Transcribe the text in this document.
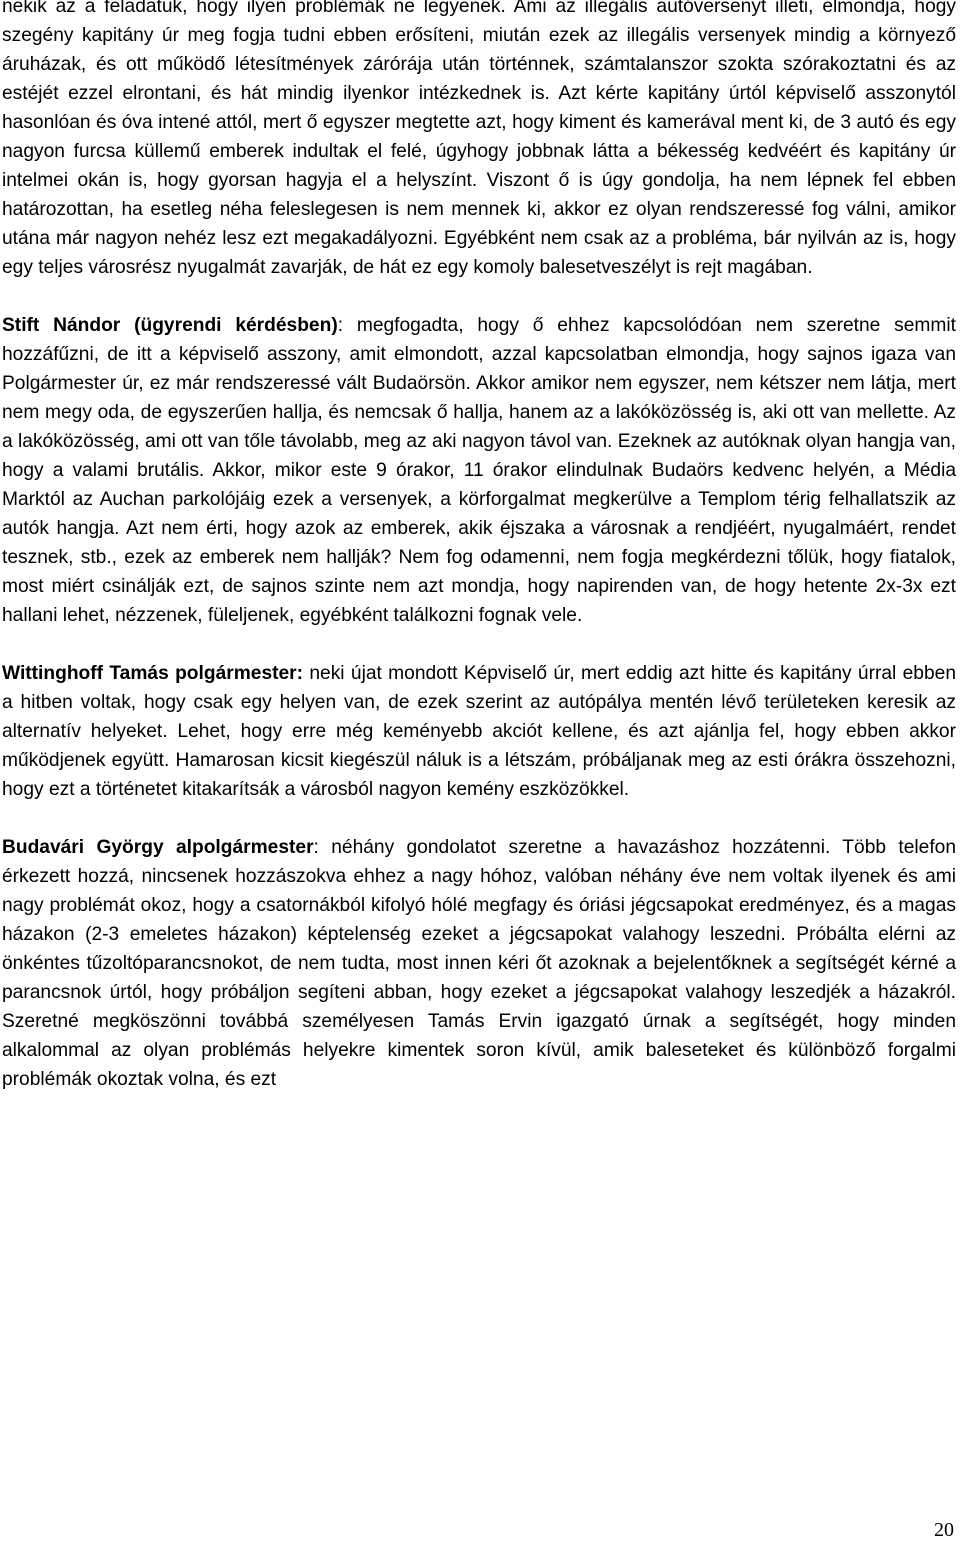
nekik az a feladatuk, hogy ilyen problémák ne legyenek. Ami az illegális autóversenyt illeti, elmondja, hogy szegény kapitány úr meg fogja tudni ebben erősíteni, miután ezek az illegális versenyek mindig a környező áruházak, és ott működő létesítmények zárórája után történnek, számtalanszor szokta szórakoztatni és az estéjét ezzel elrontani, és hát mindig ilyenkor intézkednek is. Azt kérte kapitány úrtól képviselő asszonytól hasonlóan és óva intené attól, mert ő egyszer megtette azt, hogy kiment és kamerával ment ki, de 3 autó és egy nagyon furcsa küllemű emberek indultak el felé, úgyhogy jobbnak látta a békesség kedvéért és kapitány úr intelmei okán is, hogy gyorsan hagyja el a helyszínt. Viszont ő is úgy gondolja, ha nem lépnek fel ebben határozottan, ha esetleg néha feleslegesen is nem mennek ki, akkor ez olyan rendszeressé fog válni, amikor utána már nagyon nehéz lesz ezt megakadályozni. Egyébként nem csak az a probléma, bár nyilván az is, hogy egy teljes városrész nyugalmát zavarják, de hát ez egy komoly balesetveszélyt is rejt magában.

Stift Nándor (ügyrendi kérdésben): megfogadta, hogy ő ehhez kapcsolódóan nem szeretne semmit hozzáfűzni, de itt a képviselő asszony, amit elmondott, azzal kapcsolatban elmondja, hogy sajnos igaza van Polgármester úr, ez már rendszeressé vált Budaörsön. Akkor amikor nem egyszer, nem kétszer nem látja, mert nem megy oda, de egyszerűen hallja, és nemcsak ő hallja, hanem az a lakóközösség is, aki ott van mellette. Az a lakóközösség, ami ott van tőle távolabb, meg az aki nagyon távol van. Ezeknek az autóknak olyan hangja van, hogy a valami brutális. Akkor, mikor este 9 órakor, 11 órakor elindulnak Budaörs kedvenc helyén, a Média Marktól az Auchan parkolójáig ezek a versenyek, a körforgalmat megkerülve a Templom térig felhallatszik az autók hangja. Azt nem érti, hogy azok az emberek, akik éjszaka a városnak a rendjéért, nyugalmáért, rendet tesznek, stb., ezek az emberek nem hallják? Nem fog odamenni, nem fogja megkérdezni tőlük, hogy fiatalok, most miért csinálják ezt, de sajnos szinte nem azt mondja, hogy napirenden van, de hogy hetente 2x-3x ezt hallani lehet, nézzenek, füleljenek, egyébként találkozni fognak vele.

Wittinghoff Tamás polgármester: neki újat mondott Képviselő úr, mert eddig azt hitte és kapitány úrral ebben a hitben voltak, hogy csak egy helyen van, de ezek szerint az autópálya mentén lévő területeken keresik az alternatív helyeket. Lehet, hogy erre még keményebb akciót kellene, és azt ajánlja fel, hogy ebben akkor működjenek együtt. Hamarosan kicsit kiegészül náluk is a létszám, próbáljanak meg az esti órákra összehozni, hogy ezt a történetet kitakarítsák a városból nagyon kemény eszközökkel.

Budavári György alpolgármester: néhány gondolatot szeretne a havazáshoz hozzátenni. Több telefon érkezett hozzá, nincsenek hozzászokva ehhez a nagy hóhoz, valóban néhány éve nem voltak ilyenek és ami nagy problémát okoz, hogy a csatornákból kifolyó hólé megfagy és óriási jégcsapokat eredményez, és a magas házakon (2-3 emeletes házakon) képtelenség ezeket a jégcsapokat valahogy leszedni. Próbálta elérni az önkéntes tűzoltóparancsnokot, de nem tudta, most innen kéri őt azoknak a bejelentőknek a segítségét kérné a parancsnok úrtól, hogy próbáljon segíteni abban, hogy ezeket a jégcsapokat valahogy leszedjék a házakról. Szeretné megköszönni továbbá személyesen Tamás Ervin igazgató úrnak a segítségét, hogy minden alkalommal az olyan problémás helyekre kimentek soron kívül, amik baleseteket és különböző forgalmi problémák okoztak volna, és ezt

20
